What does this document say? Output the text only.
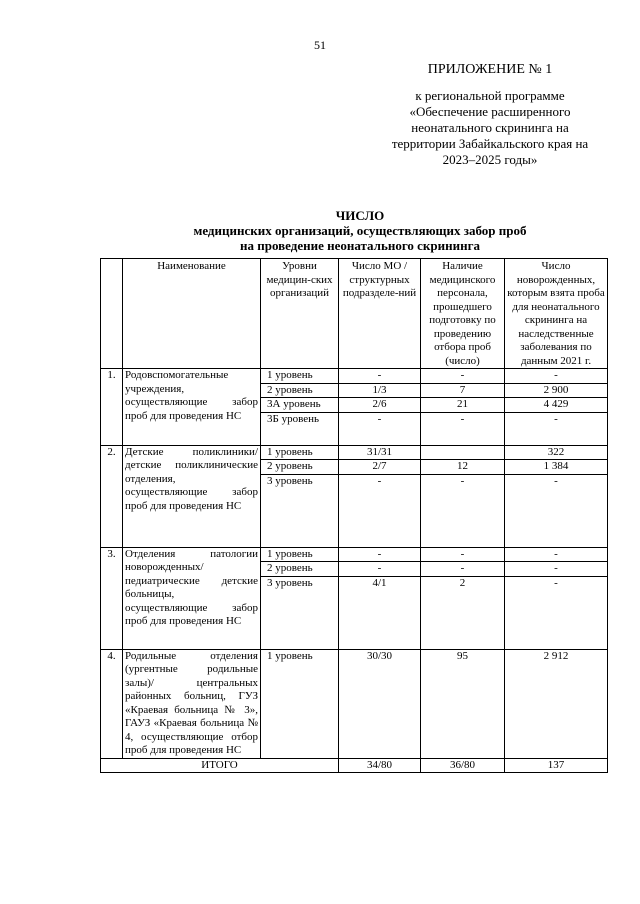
51
ПРИЛОЖЕНИЕ № 1
к региональной программе
«Обеспечение расширенного
неонатального скрининга на
территории Забайкальского края на
2023–2025 годы»
ЧИСЛО
медицинских организаций, осуществляющих забор проб
на проведение неонатального скрининга
	Наименование	Уровни медицин-ских организаций	Число МО /структурных подразделе-ний	Наличие медицинского персонала, прошедшего подготовку по проведению отбора проб (число)	Число новорожденных, которым взята проба для неонатального скрининга на наследственные заболевания по данным 2021 г.
1.	Родовспомогательные учреждения, осуществляющие забор проб для проведения НС	1 уровень	-	-	-
		2 уровень	1/3	7	2 900
		3А уровень	2/6	21	4 429
		3Б уровень	-	-	-
2.	Детские поликлиники/детские поликлинические отделения, осуществляющие забор проб для проведения НС	1 уровень	31/31		322
		2 уровень	2/7	12	1 384
		3 уровень	-	-	-
3.	Отделения патологии новорожденных/педиатрические детские больницы, осуществляющие забор проб для проведения НС	1 уровень	-	-	-
		2 уровень	-	-	-
		3 уровень	4/1	2	-
4.	Родильные отделения (ургентные родильные залы)/ центральных районных больниц, ГУЗ «Краевая больница № 3», ГАУЗ «Краевая больница № 4, осуществляющие отбор проб для проведения НС	1 уровень	30/30	95	2 912
ИТОГО			34/80	36/80	137
